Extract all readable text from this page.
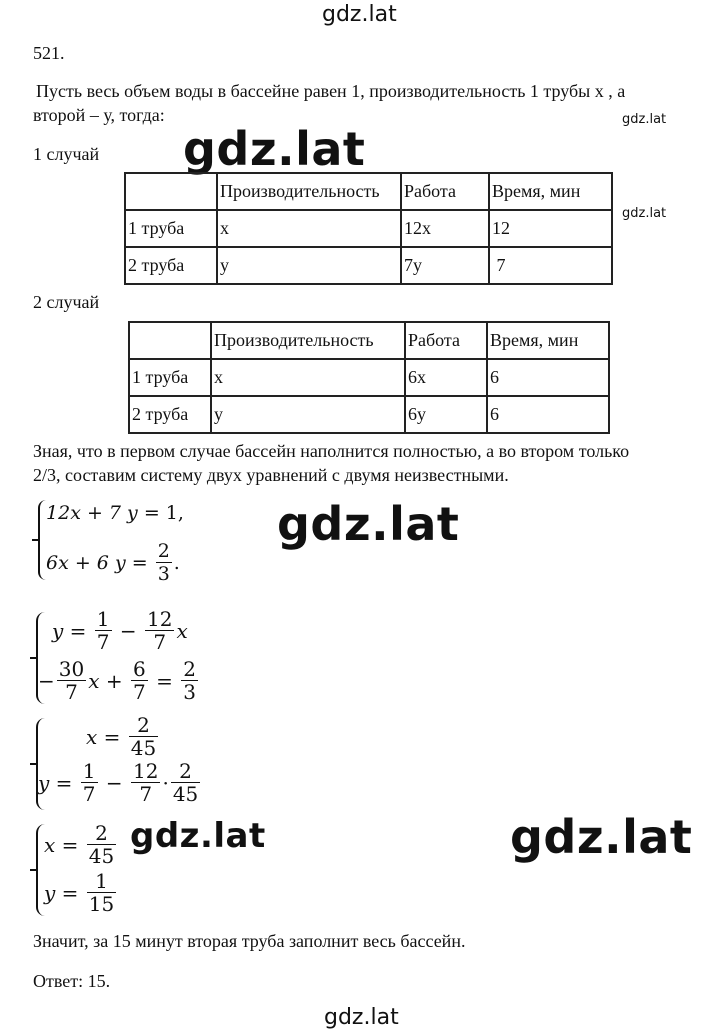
gdz.lat
gdz.lat
gdz.lat
gdz.lat
gdz.lat
gdz.lat	gdz.lat
gdz.lat
521.
Пусть весь объем воды в бассейне равен 1, производительность 1 трубы х , а
второй – у, тогда:
1 случай
	Производительность	Работа	Время, мин
1 труба	x	12x	12
2 труба	y	7y	7
2 случай
	Производительность	Работа	Время, мин
1 труба	x	6x	6
2 труба	y	6y	6
Зная, что в первом случае бассейн наполнится полностью, а во втором только
2/3, составим систему двух уравнений с двумя неизвестными.
12 x + 7 y = 1,
6 x + 6 $y = \frac{2}{3}$ .
$y = \frac{1}{7}$
−
$\frac{12}{7}$ x
− $\frac{30}{7}$ $x + \frac{6}{7} = \frac{2}{3}$
$x = \frac{2}{45}$
$y = \frac{1}{7}$
−
$\frac{12}{7} \cdot \frac{2}{45}$
$x = \frac{2}{45}$
$y = \frac{1}{15}$
Значит, за 15 минут вторая труба заполнит весь бассейн.
Ответ: 15.
